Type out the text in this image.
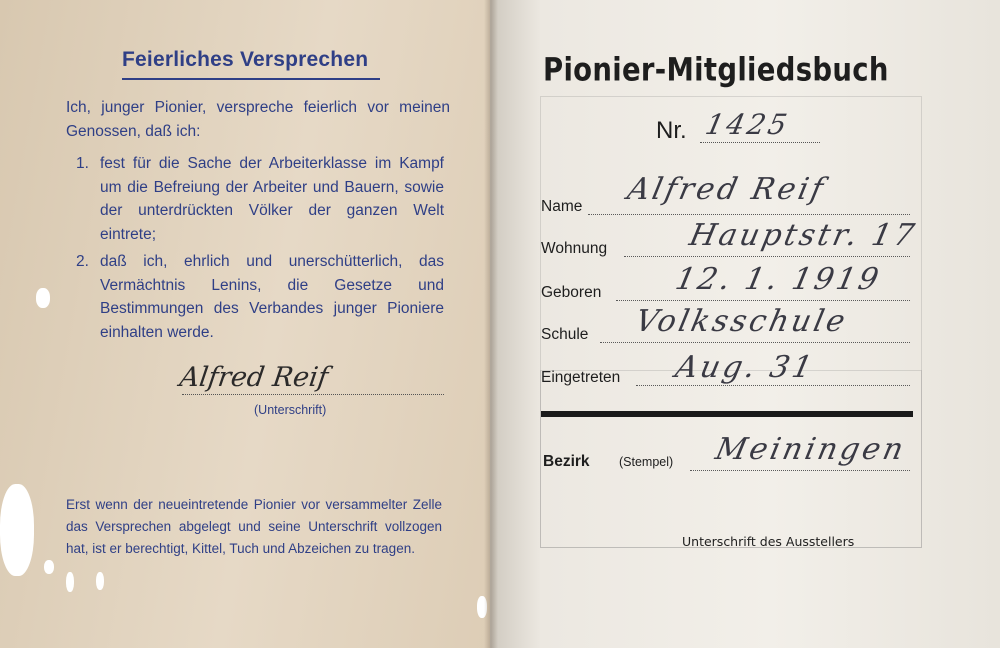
Feierliches Versprechen
Ich, junger Pionier, verspreche feierlich vor meinen Genossen, daß ich:
1. fest für die Sache der Arbeiterklasse im Kampf um die Befreiung der Arbeiter und Bauern, sowie der unterdrückten Völker der ganzen Welt eintrete;
2. daß ich, ehrlich und unerschütterlich, das Vermächtnis Lenins, die Gesetze und Bestimmungen des Verbandes junger Pioniere einhalten werde.
Alfred Reif
(Unterschrift)
Erst wenn der neueintretende Pionier vor versammelter Zelle das Versprechen abgelegt und seine Unterschrift vollzogen hat, ist er berechtigt, Kittel, Tuch und Abzeichen zu tragen.
Pionier-Mitgliedsbuch
Nr. 1425
Name Alfred Reif
Wohnung	Hauptstr. 17
Geboren 12. 1. 1919
Schule Volksschule
Eingetreten Aug. 31
Bezirk (Stempel) Meiningen
Unterschrift des Ausstellers
